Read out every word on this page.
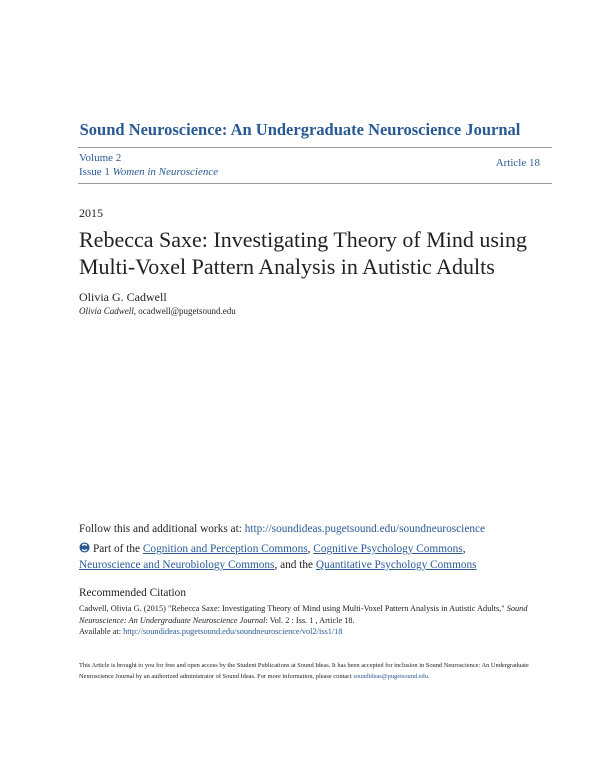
Sound Neuroscience: An Undergraduate Neuroscience Journal
Volume 2
Issue 1 Women in Neuroscience
Article 18
2015
Rebecca Saxe: Investigating Theory of Mind using Multi-Voxel Pattern Analysis in Autistic Adults
Olivia G. Cadwell
Olivia Cadwell, ocadwell@pugetsound.edu
Follow this and additional works at: http://soundideas.pugetsound.edu/soundneuroscience
Part of the Cognition and Perception Commons, Cognitive Psychology Commons,
Neuroscience and Neurobiology Commons, and the Quantitative Psychology Commons
Recommended Citation
Cadwell, Olivia G. (2015) "Rebecca Saxe: Investigating Theory of Mind using Multi-Voxel Pattern Analysis in Autistic Adults," Sound Neuroscience: An Undergraduate Neuroscience Journal: Vol. 2 : Iss. 1 , Article 18.
Available at: http://soundideas.pugetsound.edu/soundneuroscience/vol2/iss1/18
This Article is brought to you for free and open access by the Student Publications at Sound Ideas. It has been accepted for inclusion in Sound Neuroscience: An Undergraduate Neuroscience Journal by an authorized administrator of Sound Ideas. For more information, please contact soundideas@pugetsound.edu.
